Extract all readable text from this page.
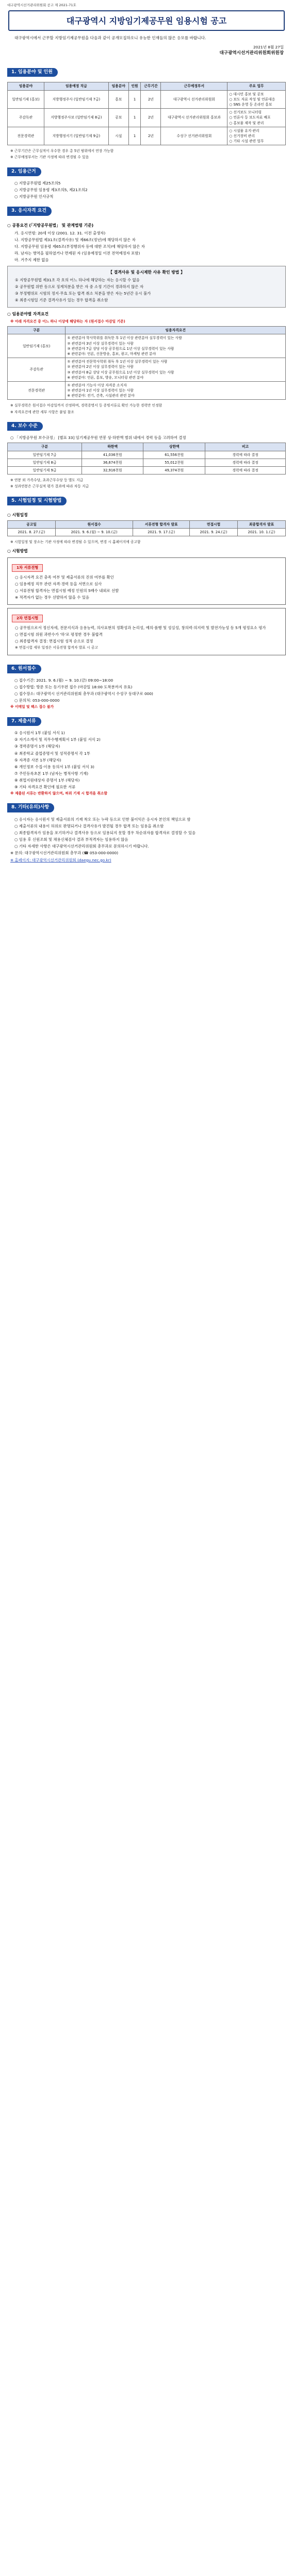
대구광역시선거관리위원회 공고 제 2021-71호
대구광역시 지방임기제공무원 임용시험 공고
대구광역시에서 근무할 지방임기제공무원을 다음과 같이 공개모집하오니 유능한 인재들의 많은 응모를 바랍니다.
2021년 8월 27일
대구광역시선거관리위원회위원장
1. 임용분야 및 인원
임용분야	임용예정 직급	임용분야	인원	근무기간	근무예정부서	주요 업무
일반임기제 (홍보)	지방행정주사 (일반임기제 7급)	홍보	1	2년	대구광역시 선거관리위원회	○ 대시민 홍보 및 공보
○ 보도 자료 작성 및 언론대응
○ SNS 운영 등 온라인 홍보
주감독관	지방행정주사보 (일반임기제 8급)	공보	1	2년	대구광역시 선거관리위원회 홍보과	○ 선거보도 모니터링
○ 언론사 등 보도자료 배포
○ 홍보물 제작 및 관리
전문경력관	지방행정서기 (일반임기제 9급)	시설	1	2년	수성구 선거관리위원회	○ 시설물 유지·관리
○ 선거장비 관리
○ 기타 시설 관련 업무
※ 근무기간은 근무실적이 우수한 경우 총 5년 범위에서 연장 가능함
※ 근무예정부서는 기관 사정에 따라 변경될 수 있음
2. 임용근거
○ 지방공무원법 제25조의5
○ 지방공무원 임용령 제3조의5, 제21조의2
○ 지방공무원 인사규칙
3. 응시자격 요건
○ 공통요건 (「지방공무원법」 및 관계법령 기준)
가. 응시연령: 20세 이상 (2001. 12. 31. 이전 출생자)
나. 지방공무원법 제31조(결격사유) 및 제66조(정년)에 해당하지 않은 자
다. 지방공무원 임용령 제65조(부정행위자 등에 대한 조치)에 해당하지 않은 자
라. 남자는 병역을 필하였거나 면제된 자 (임용예정일 이전 전역예정자 포함)
마. 거주지 제한 없음
【 결격사유 및 응시제한 사유 확인 방법 】
① 지방공무원법 제31조 각 호의 어느 하나에 해당하는 자는 응시할 수 없음
② 공무원법 위반 등으로 징계처분을 받은 자 중 소정 기간이 경과하지 않은 자
③ 부정행위로 시험의 정지·무효 또는 합격 취소 처분을 받은 자는 5년간 응시 불가
④ 최종시험일 기준 결격사유가 있는 경우 합격을 취소함
○ 임용분야별 자격요건
※ 아래 자격요건 중 어느 하나 이상에 해당하는 자 (원서접수 마감일 기준)
구분	임용자격요건
일반임기제 (홍보)	① 관련분야 학사학위를 취득한 후 1년 이상 관련분야 실무경력이 있는 사람
② 관련분야 3년 이상 실무경력이 있는 사람
③ 관련분야 7급 상당 이상 공무원으로 1년 이상 실무경력이 있는 사람
※ 관련분야: 언론, 신문방송, 홍보, 광고, 마케팅 관련 분야
주감독관	① 관련분야 전문학사학위 취득 후 1년 이상 실무경력이 있는 사람
② 관련분야 2년 이상 실무경력이 있는 사람
③ 관련분야 8급 상당 이상 공무원으로 1년 이상 실무경력이 있는 사람
※ 관련분야: 언론, 홍보, 방송, 모니터링 관련 분야
전문경력관	① 관련분야 기능사 이상 자격증 소지자
② 관련분야 1년 이상 실무경력이 있는 사람
※ 관련분야: 전기, 건축, 시설관리 관련 분야
※ 실무경력은 원서접수 마감일까지 산정하며, 경력증명서 등 증빙서류로 확인 가능한 경력만 인정함
※ 자격요건에 관한 세부 사항은 붙임 참조
4. 보수 수준
○ 「지방공무원 보수규정」 [별표 33] 임기제공무원 연봉 상·하한액 범위 내에서 경력 등을 고려하여 결정
구분	하한액	상한액	비고
일반임기제 7급	41,036천원	61,556천원	경력에 따라 결정
일반임기제 8급	36,674천원	55,012천원	경력에 따라 결정
일반임기제 9급	32,916천원	49,374천원	경력에 따라 결정
※ 연봉 외 가족수당, 초과근무수당 등 별도 지급
※ 성과연봉은 근무실적 평가 결과에 따라 차등 지급
5. 시험일정 및 시험방법
○ 시험일정
공고일	원서접수	서류전형 합격자 발표	면접시험	최종합격자 발표
2021. 8. 27.(금)	2021. 9. 6.(월) ~ 9. 10.(금)	2021. 9. 17.(금)	2021. 9. 24.(금)	2021. 10. 1.(금)
※ 시험일정 및 장소는 기관 사정에 따라 변경될 수 있으며, 변경 시 홈페이지에 공고함
○ 시험방법
1차 서류전형
○ 응시자격 요건 충족 여부 및 제출서류의 진위 여부를 확인
○ 임용예정 직무 관련 자격·경력 등을 서면으로 심사
○ 서류전형 합격자는 면접시험 예정 인원의 5배수 내외로 선발
※ 적격자가 없는 경우 선발하지 않을 수 있음
2차 면접시험
○ 공무원으로서 정신자세, 전문지식과 응용능력, 의사표현의 정확성과 논리성, 예의·품행 및 성실성, 창의력·의지력 및 발전가능성 등 5개 평정요소 평가
○ 면접시험 위원 과반수가 '하'로 평정한 경우 불합격
○ 최종합격자 결정: 면접시험 성적 순으로 결정
※ 면접시험 세부 일정은 서류전형 합격자 발표 시 공고
6. 원서접수
○ 접수기간: 2021. 9. 6.(월) ~ 9. 10.(금) 09:00~18:00
○ 접수방법: 방문 또는 등기우편 접수 (마감일 18:00 도착분까지 유효)
○ 접수장소: 대구광역시 선거관리위원회 총무과 (대구광역시 수성구 동대구로 000)
○ 문의처: 053-000-0000
※ 이메일 및 팩스 접수 불가
7. 제출서류
① 응시원서 1부 (붙임 서식 1)
② 자기소개서 및 직무수행계획서 1부 (붙임 서식 2)
③ 경력증명서 1부 (해당자)
④ 최종학교 졸업증명서 및 성적증명서 각 1부
⑤ 자격증 사본 1부 (해당자)
⑥ 개인정보 수집·이용 동의서 1부 (붙임 서식 3)
⑦ 주민등록초본 1부 (남자는 병적사항 기재)
⑧ 취업지원대상자 증명서 1부 (해당자)
⑨ 기타 자격요건 확인에 필요한 서류
※ 제출된 서류는 반환하지 않으며, 허위 기재 시 합격을 취소함
8. 기타(유의)사항
○ 응시자는 응시원서 및 제출서류의 기재 착오 또는 누락 등으로 인한 불이익은 응시자 본인의 책임으로 함
○ 제출서류의 내용이 허위로 판명되거나 결격사유가 발견될 경우 합격 또는 임용을 취소함
○ 최종합격자가 임용을 포기하거나 결격사유 등으로 임용되지 못할 경우 차순위자를 합격자로 결정할 수 있음
○ 임용 후 신원조회 및 채용신체검사 결과 부적격자는 임용하지 않음
○ 기타 자세한 사항은 대구광역시선거관리위원회 총무과로 문의하시기 바랍니다.
※ 문의: 대구광역시선거관리위원회 총무과 (☎ 053-000-0000)
※ 홈페이지: 대구광역시선거관리위원회 (daegu.nec.go.kr)
